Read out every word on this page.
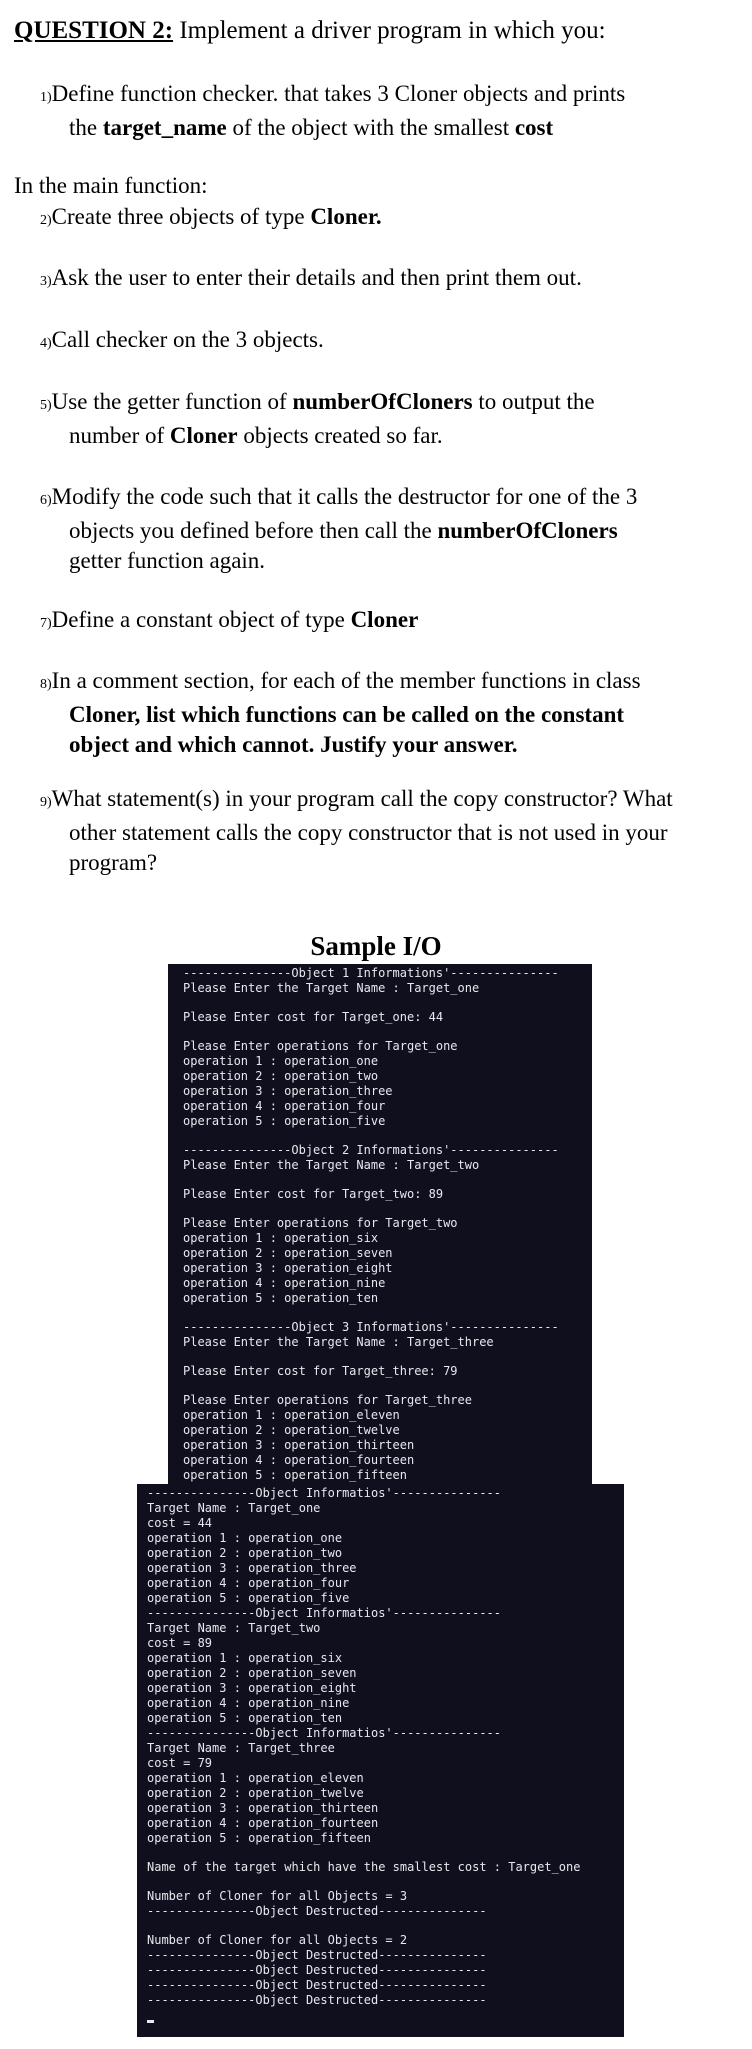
QUESTION 2: Implement a driver program in which you:
1)Define function checker. that takes 3 Cloner objects and prints
the target_name of the object with the smallest cost
In the main function:
2)Create three objects of type Cloner.
3)Ask the user to enter their details and then print them out.
4)Call checker on the 3 objects.
5)Use the getter function of numberOfCloners to output the
number of Cloner objects created so far.
6)Modify the code such that it calls the destructor for one of the 3
objects you defined before then call the numberOfCloners
getter function again.
7)Define a constant object of type Cloner
8)In a comment section, for each of the member functions in class
Cloner, list which functions can be called on the constant
object and which cannot. Justify your answer.
9)What statement(s) in your program call the copy constructor? What
other statement calls the copy constructor that is not used in your
program?
Sample I/O
---------------Object 1 Informations'---------------
Please Enter the Target Name : Target_one
Please Enter cost for Target_one: 44
Please Enter operations for Target_one
operation 1 : operation_one
operation 2 : operation_two
operation 3 : operation_three
operation 4 : operation_four
operation 5 : operation_five
---------------Object 2 Informations'---------------
Please Enter the Target Name : Target_two
Please Enter cost for Target_two: 89
Please Enter operations for Target_two
operation 1 : operation_six
operation 2 : operation_seven
operation 3 : operation_eight
operation 4 : operation_nine
operation 5 : operation_ten
---------------Object 3 Informations'---------------
Please Enter the Target Name : Target_three
Please Enter cost for Target_three: 79
Please Enter operations for Target_three
operation 1 : operation_eleven
operation 2 : operation_twelve
operation 3 : operation_thirteen
operation 4 : operation_fourteen
operation 5 : operation_fifteen
---------------Object Informatios'---------------
Target Name : Target_one
cost = 44
operation 1 : operation_one
operation 2 : operation_two
operation 3 : operation_three
operation 4 : operation_four
operation 5 : operation_five
---------------Object Informatios'---------------
Target Name : Target_two
cost = 89
operation 1 : operation_six
operation 2 : operation_seven
operation 3 : operation_eight
operation 4 : operation_nine
operation 5 : operation_ten
---------------Object Informatios'---------------
Target Name : Target_three
cost = 79
operation 1 : operation_eleven
operation 2 : operation_twelve
operation 3 : operation_thirteen
operation 4 : operation_fourteen
operation 5 : operation_fifteen
Name of the target which have the smallest cost : Target_one
Number of Cloner for all Objects = 3
---------------Object Destructed---------------
Number of Cloner for all Objects = 2
---------------Object Destructed---------------
---------------Object Destructed---------------
---------------Object Destructed---------------
---------------Object Destructed---------------
